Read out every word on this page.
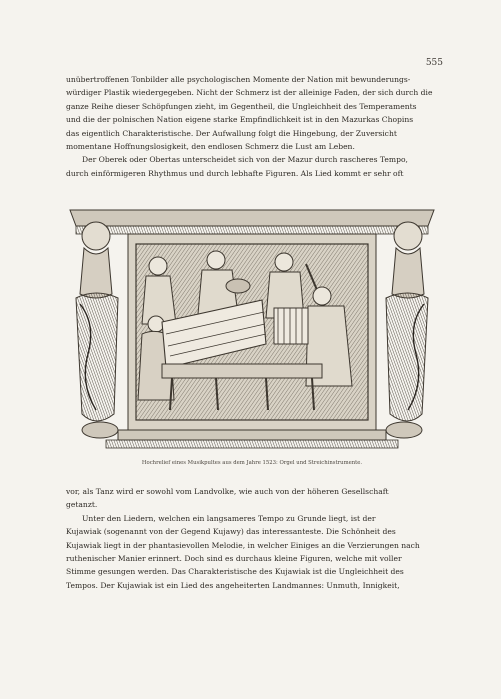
555

unübertroffenen Tonbilder alle psychologischen Momente der Nation mit bewunderungs-

würdiger Plastik wiedergegeben. Nicht der Schmerz ist der alleinige Faden, der sich durch die

ganze Reihe dieser Schöpfungen zieht, im Gegentheil, die Ungleichheit des Temperaments

und die der polnischen Nation eigene starke Empfindlichkeit ist in den Mazurkas Chopins

das eigentlich Charakteristische. Der Aufwallung folgt die Hingebung, der Zuversicht

momentane Hoffnungslosigkeit, den endlosen Schmerz die Lust am Leben.

Der Oberek oder Obertas unterscheidet sich von der Mazur durch rascheres Tempo,

durch einförmigeren Rhythmus und durch lebhafte Figuren. Als Lied kommt er sehr oft

Hochrelief eines Musikpultes aus dem Jahre 1523: Orgel und Streichinstrumente.

vor, als Tanz wird er sowohl vom Landvolke, wie auch von der höheren Gesellschaft

getanzt.

Unter den Liedern, welchen ein langsameres Tempo zu Grunde liegt, ist der

Kujawiak (sogenannt von der Gegend Kujawy) das interessanteste. Die Schönheit des

Kujawiak liegt in der phantasievollen Melodie, in welcher Einiges an die Verzierungen nach

ruthenischer Manier erinnert. Doch sind es durchaus kleine Figuren, welche mit voller

Stimme gesungen werden. Das Charakteristische des Kujawiak ist die Ungleichheit des

Tempos. Der Kujawiak ist ein Lied des angeheiterten Landmannes: Unmuth, Innigkeit,
